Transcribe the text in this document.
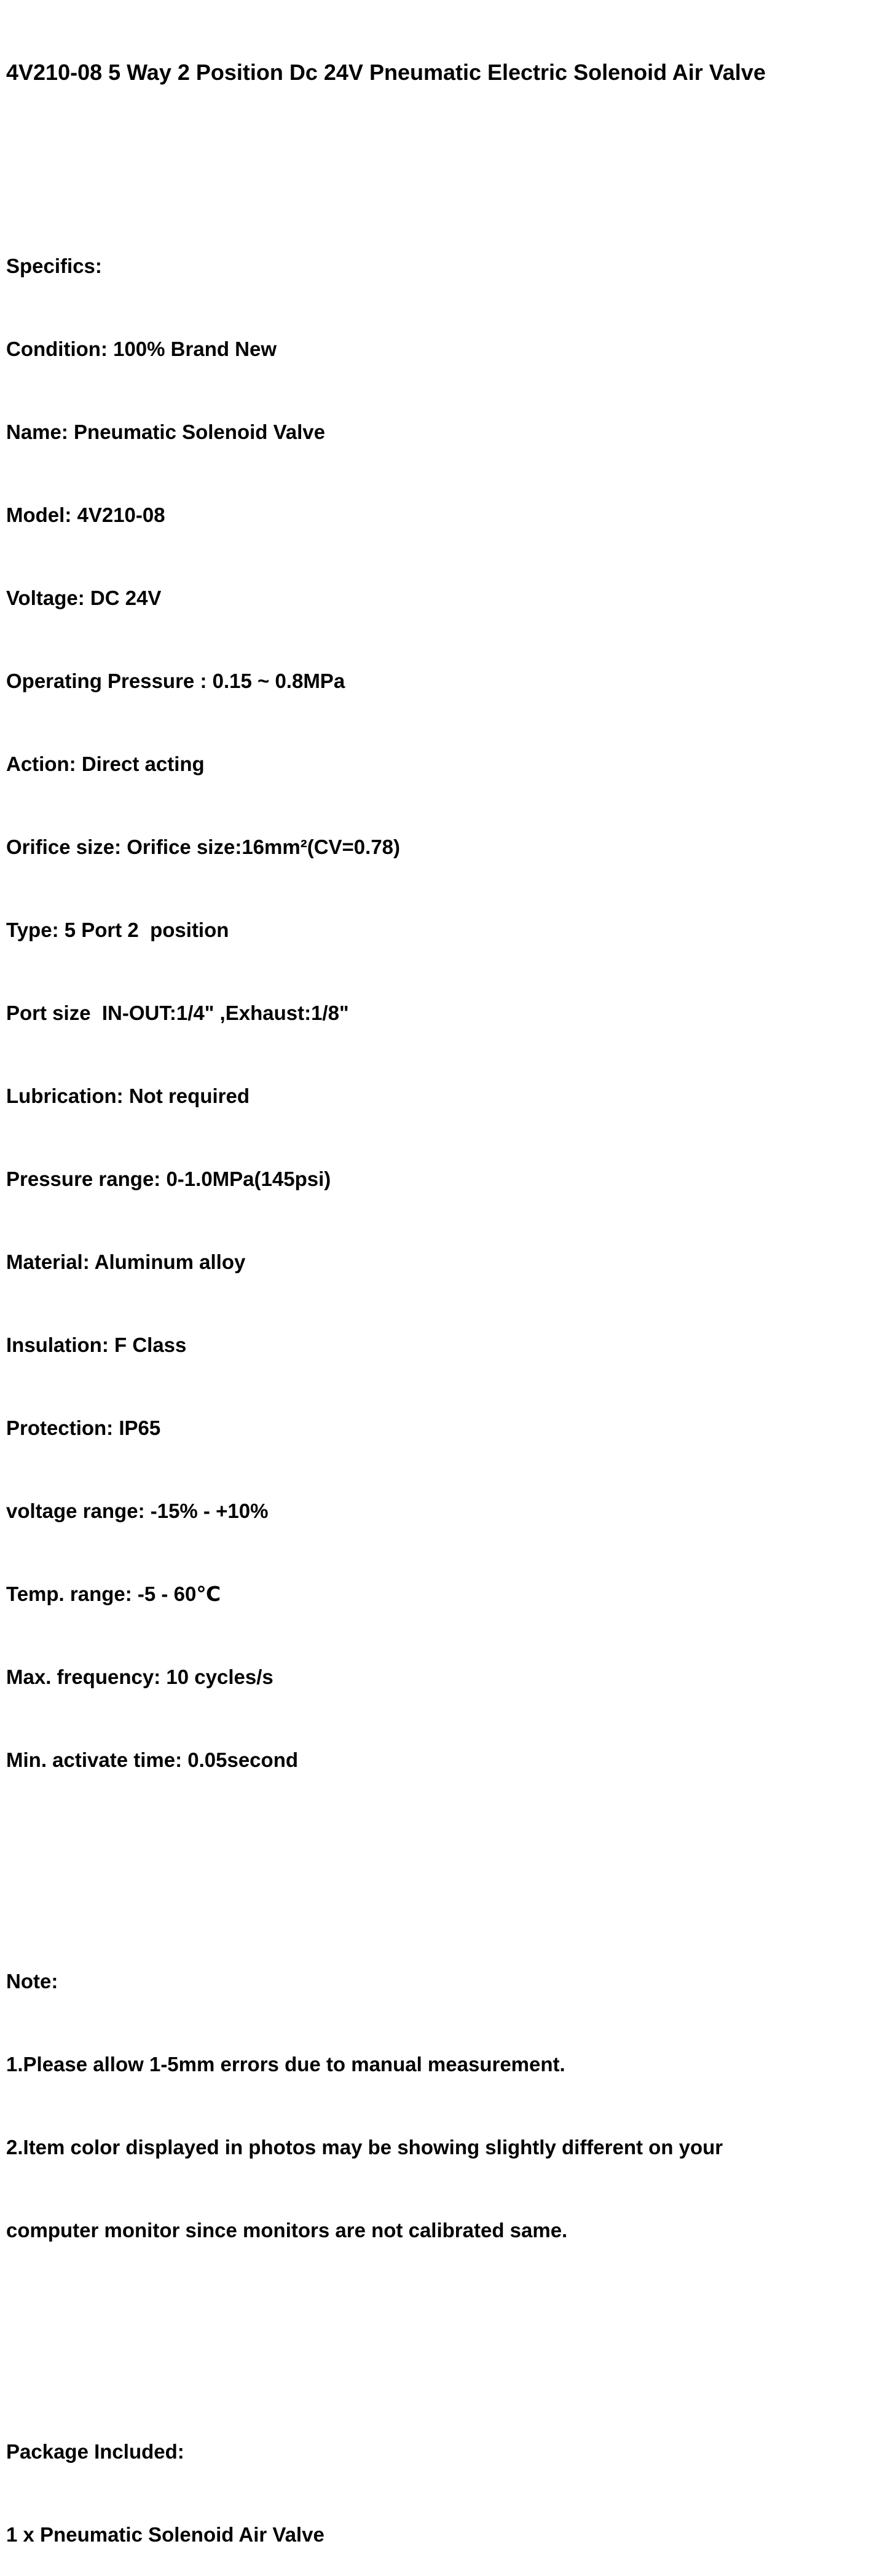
4V210-08 5 Way 2 Position Dc 24V Pneumatic Electric Solenoid Air Valve

Specifics:

Condition: 100% Brand New

Name: Pneumatic Solenoid Valve

Model: 4V210-08

Voltage: DC 24V

Operating Pressure : 0.15 ~ 0.8MPa

Action: Direct acting

Orifice size: Orifice size:16mm²(CV=0.78)

Type: 5 Port 2  position

Port size  IN-OUT:1/4" ,Exhaust:1/8"

Lubrication: Not required

Pressure range: 0-1.0MPa(145psi)

Material: Aluminum alloy

Insulation: F Class

Protection: IP65

voltage range: -15% - +10%

Temp. range: -5 - 60℃

Max. frequency: 10 cycles/s

Min. activate time: 0.05second

Note:

1.Please allow 1-5mm errors due to manual measurement.

2.Item color displayed in photos may be showing slightly different on your

computer monitor since monitors are not calibrated same.

Package Included:

1 x Pneumatic Solenoid Air Valve
